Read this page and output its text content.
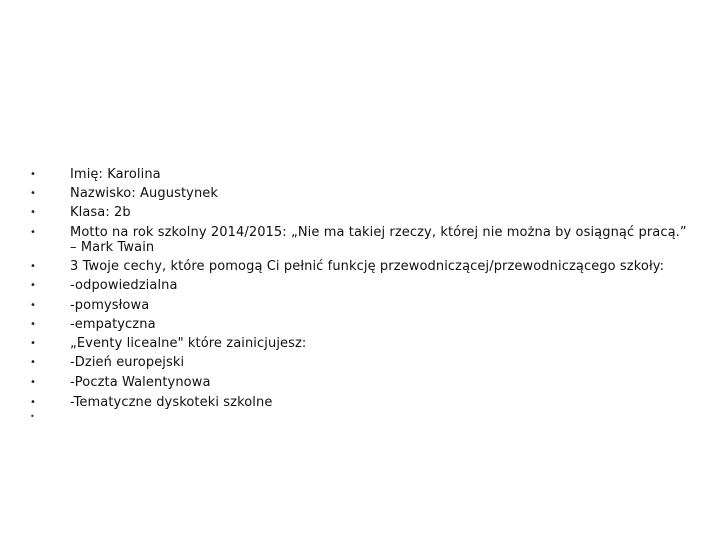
•	Imię: Karolina
•	Nazwisko: Augustynek
•	Klasa: 2b
•	Motto na rok szkolny 2014/2015: „Nie ma takiej rzeczy, której nie można by osiągnąć pracą.”
– Mark Twain
•	3 Twoje cechy, które pomogą Ci pełnić funkcję przewodniczącej/przewodniczącego szkoły:
•	-odpowiedzialna
•	-pomysłowa
•	-empatyczna
•	„Eventy licealne" które zainicjujesz:
•	-Dzień europejski
•	-Poczta Walentynowa
•	-Tematyczne dyskoteki szkolne
•
